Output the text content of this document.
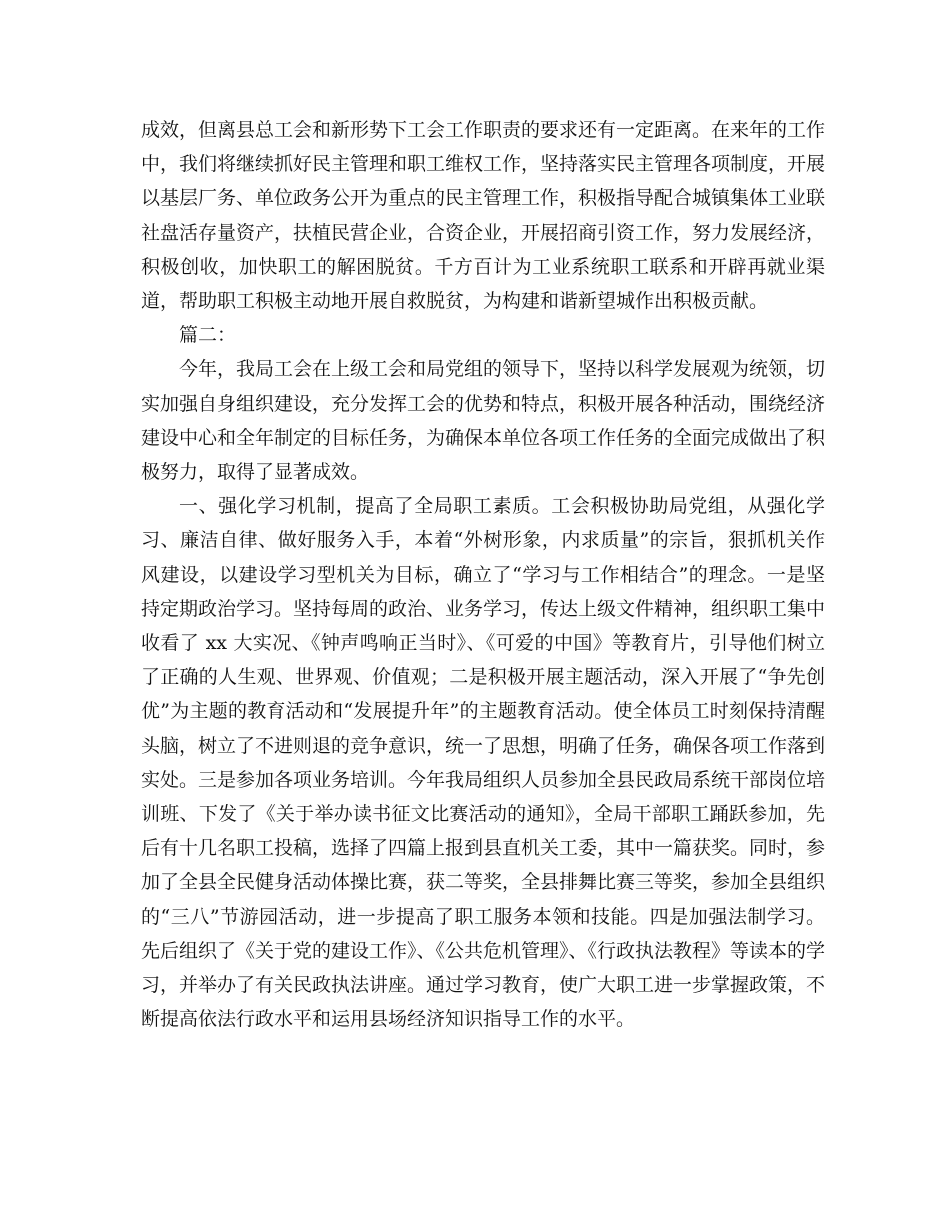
成效，但离县总工会和新形势下工会工作职责的要求还有一定距离。在来年的工作中，我们将继续抓好民主管理和职工维权工作，坚持落实民主管理各项制度，开展以基层厂务、单位政务公开为重点的民主管理工作，积极指导配合城镇集体工业联社盘活存量资产，扶植民营企业，合资企业，开展招商引资工作，努力发展经济，积极创收，加快职工的解困脱贫。千方百计为工业系统职工联系和开辟再就业渠道，帮助职工积极主动地开展自救脱贫，为构建和谐新望城作出积极贡献。

篇二：

今年，我局工会在上级工会和局党组的领导下，坚持以科学发展观为统领，切实加强自身组织建设，充分发挥工会的优势和特点，积极开展各种活动，围绕经济建设中心和全年制定的目标任务，为确保本单位各项工作任务的全面完成做出了积极努力，取得了显著成效。

一、强化学习机制，提高了全局职工素质。工会积极协助局党组，从强化学习、廉洁自律、做好服务入手，本着“外树形象，内求质量”的宗旨，狠抓机关作风建设，以建设学习型机关为目标，确立了“学习与工作相结合”的理念。一是坚持定期政治学习。坚持每周的政治、业务学习，传达上级文件精神，组织职工集中收看了 xx 大实况、《钟声鸣响正当时》、《可爱的中国》等教育片，引导他们树立了正确的人生观、世界观、价值观；二是积极开展主题活动，深入开展了“争先创优”为主题的教育活动和“发展提升年”的主题教育活动。使全体员工时刻保持清醒头脑，树立了不进则退的竞争意识，统一了思想，明确了任务，确保各项工作落到实处。三是参加各项业务培训。今年我局组织人员参加全县民政局系统干部岗位培训班、下发了《关于举办读书征文比赛活动的通知》，全局干部职工踊跃参加，先后有十几名职工投稿，选择了四篇上报到县直机关工委，其中一篇获奖。同时，参加了全县全民健身活动体操比赛，获二等奖，全县排舞比赛三等奖，参加全县组织的“三八”节游园活动，进一步提高了职工服务本领和技能。四是加强法制学习。先后组织了《关于党的建设工作》、《公共危机管理》、《行政执法教程》等读本的学习，并举办了有关民政执法讲座。通过学习教育，使广大职工进一步掌握政策，不断提高依法行政水平和运用县场经济知识指导工作的水平。
